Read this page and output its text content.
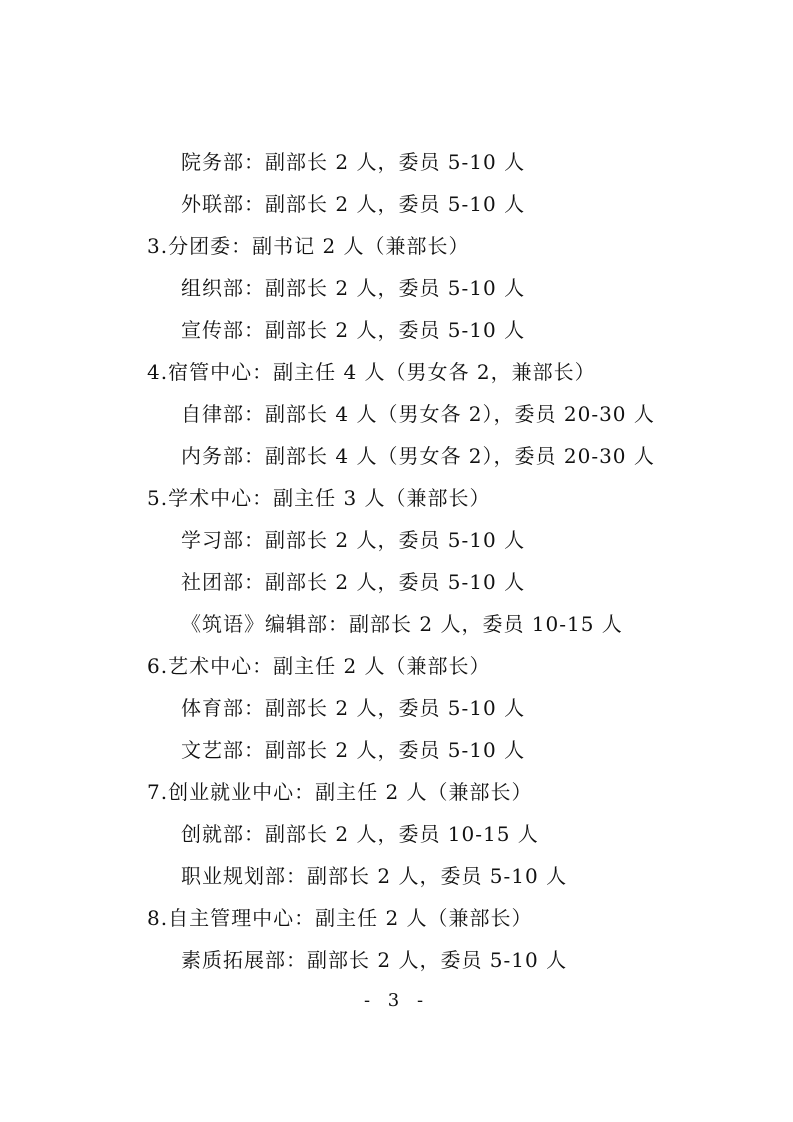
院务部：副部长 2 人，委员 5-10 人
外联部：副部长 2 人，委员 5-10 人
3.分团委：副书记 2 人（兼部长）
组织部：副部长 2 人，委员 5-10 人
宣传部：副部长 2 人，委员 5-10 人
4.宿管中心：副主任 4 人（男女各 2，兼部长）
自律部：副部长 4 人（男女各 2），委员 20-30 人
内务部：副部长 4 人（男女各 2），委员 20-30 人
5.学术中心：副主任 3 人（兼部长）
学习部：副部长 2 人，委员 5-10 人
社团部：副部长 2 人，委员 5-10 人
《筑语》编辑部：副部长 2 人，委员 10-15 人
6.艺术中心：副主任 2 人（兼部长）
体育部：副部长 2 人，委员 5-10 人
文艺部：副部长 2 人，委员 5-10 人
7.创业就业中心：副主任 2 人（兼部长）
创就部：副部长 2 人，委员 10-15 人
职业规划部：副部长 2 人，委员 5-10 人
8.自主管理中心：副主任 2 人（兼部长）
素质拓展部：副部长 2 人，委员 5-10 人
- 3 -
